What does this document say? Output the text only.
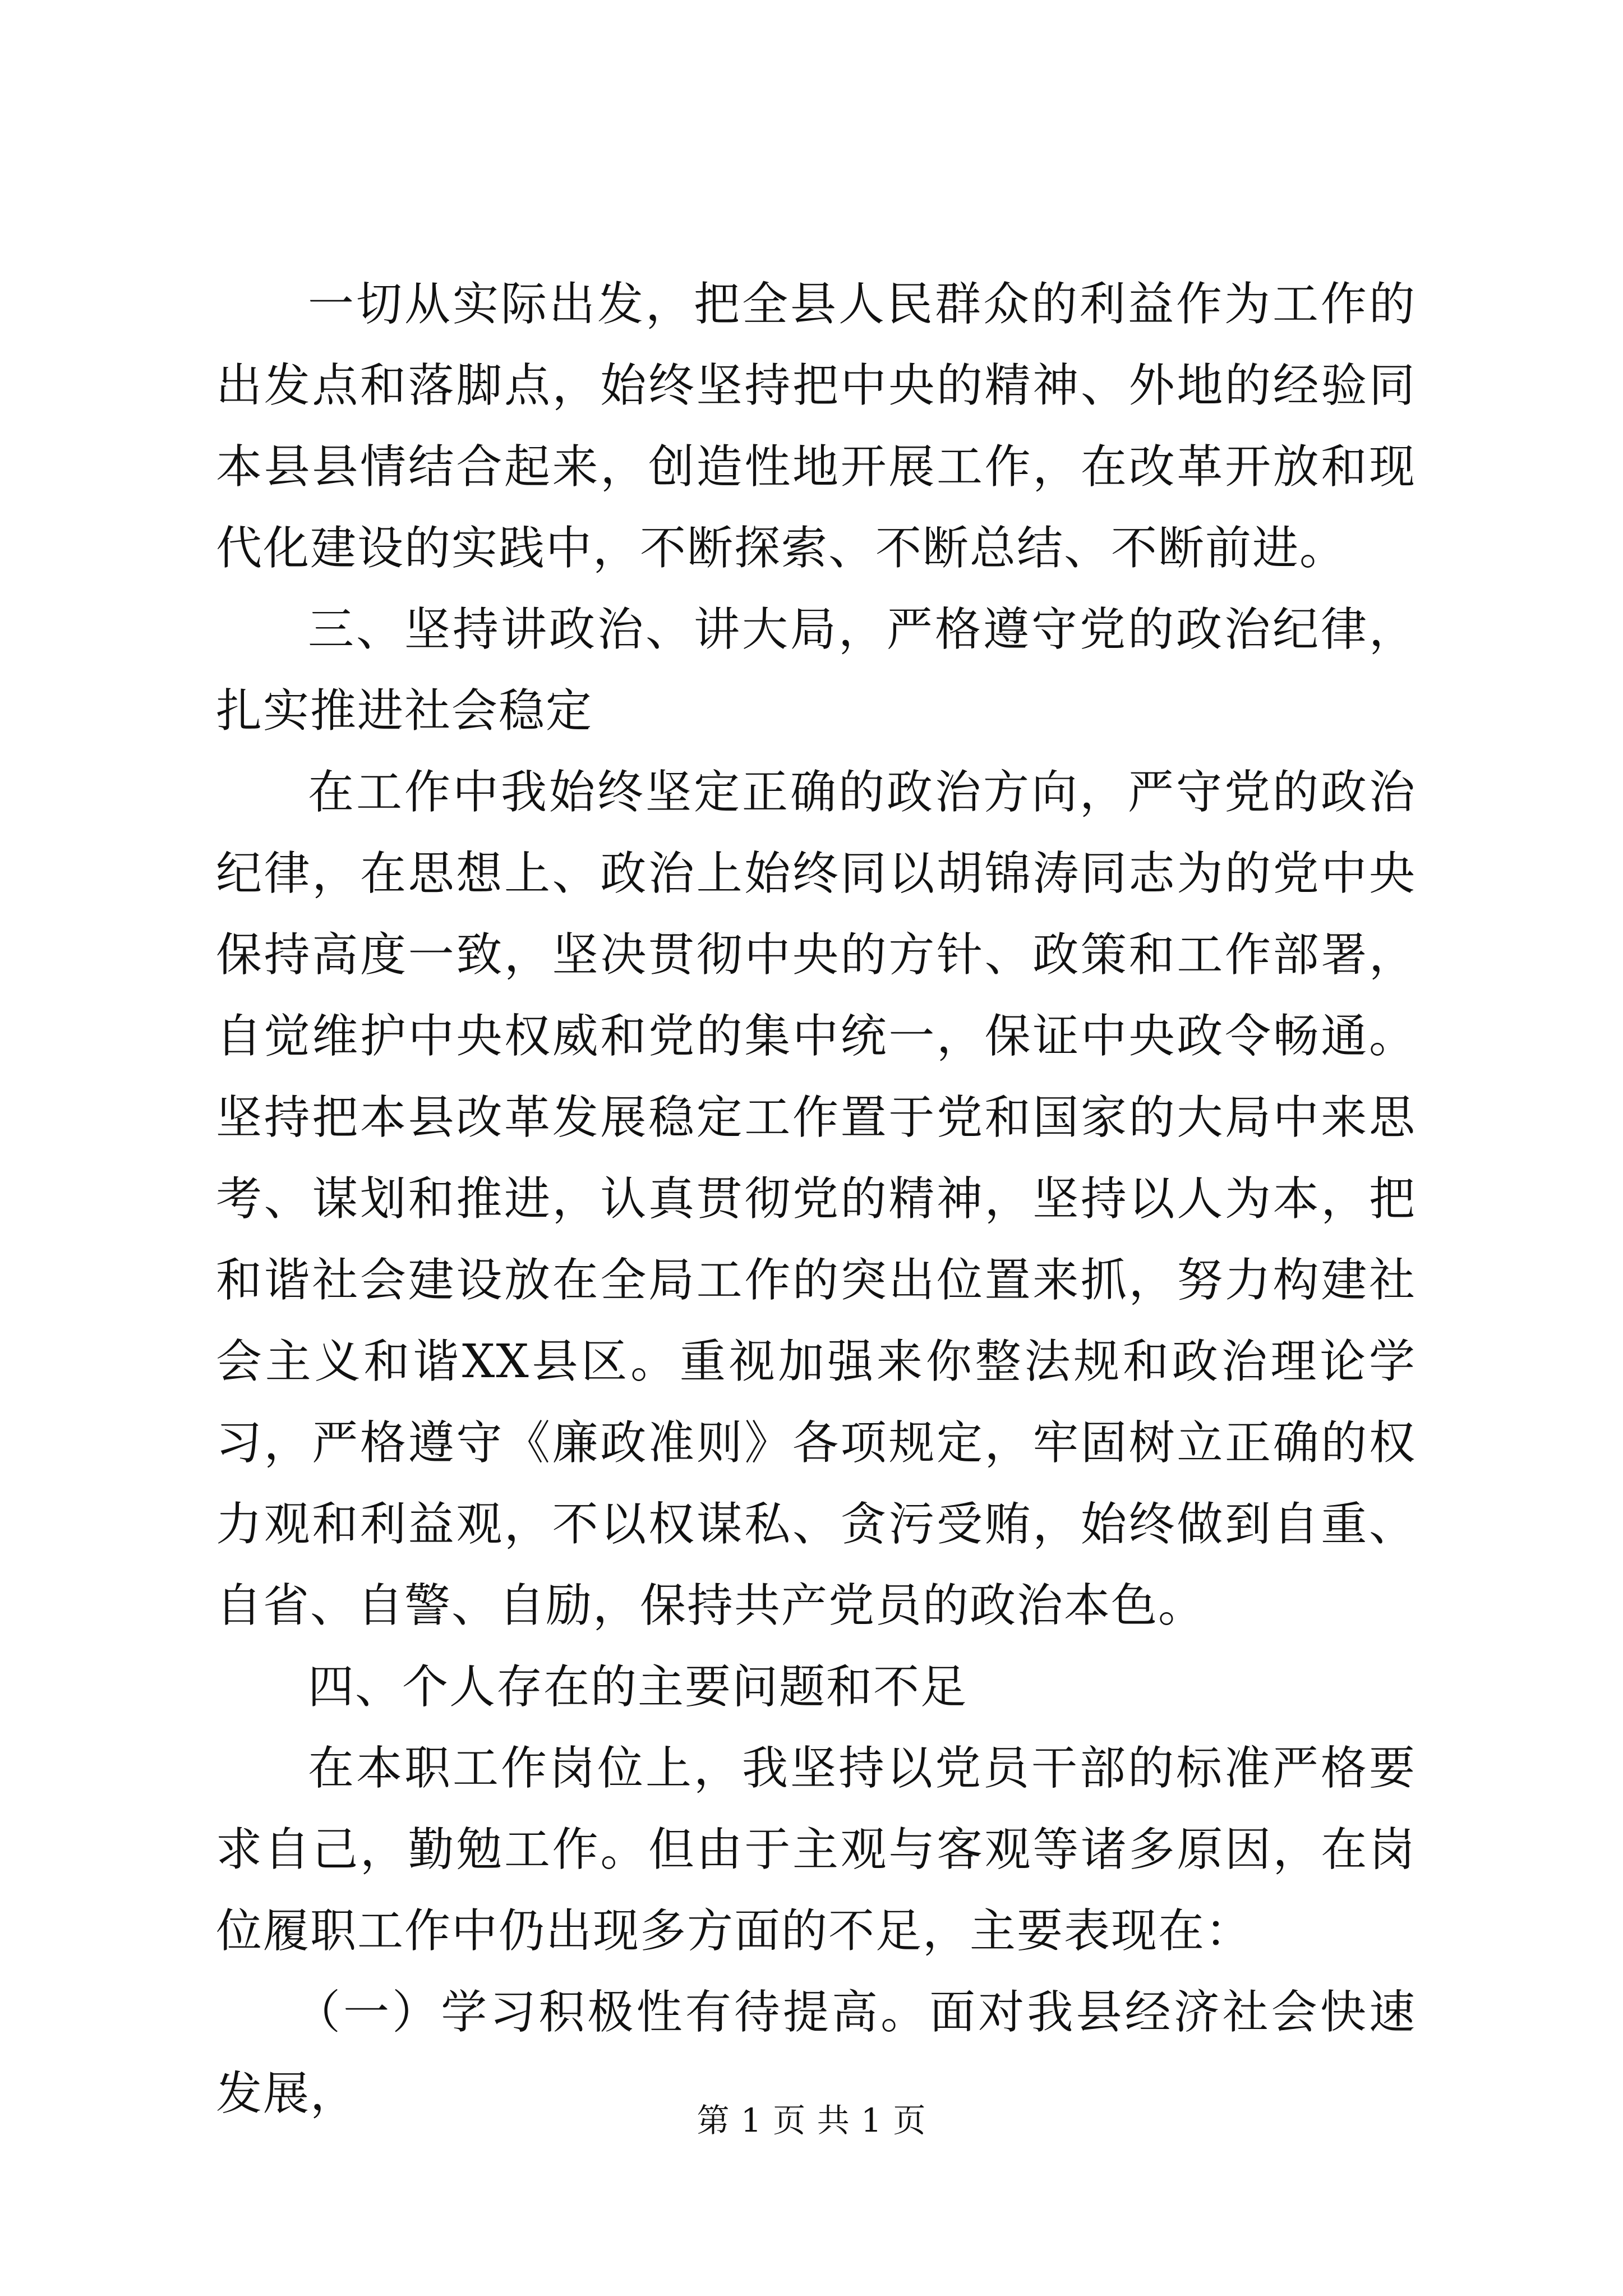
一切从实际出发，把全县人民群众的利益作为工作的出发点和落脚点，始终坚持把中央的精神、外地的经验同本县县情结合起来，创造性地开展工作，在改革开放和现代化建设的实践中，不断探索、不断总结、不断前进。

三、坚持讲政治、讲大局，严格遵守党的政治纪律，扎实推进社会稳定

在工作中我始终坚定正确的政治方向，严守党的政治纪律，在思想上、政治上始终同以胡锦涛同志为的党中央保持高度一致，坚决贯彻中央的方针、政策和工作部署，自觉维护中央权威和党的集中统一，保证中央政令畅通。坚持把本县改革发展稳定工作置于党和国家的大局中来思考、谋划和推进，认真贯彻党的精神，坚持以人为本，把和谐社会建设放在全局工作的突出位置来抓，努力构建社会主义和谐XX县区。重视加强来你整法规和政治理论学习，严格遵守《廉政准则》各项规定，牢固树立正确的权力观和利益观，不以权谋私、贪污受贿，始终做到自重、自省、自警、自励，保持共产党员的政治本色。

四、个人存在的主要问题和不足

在本职工作岗位上，我坚持以党员干部的标准严格要求自己，勤勉工作。但由于主观与客观等诸多原因，在岗位履职工作中仍出现多方面的不足，主要表现在：

（一）学习积极性有待提高。面对我县经济社会快速发展，	第 1 页 共 1 页
